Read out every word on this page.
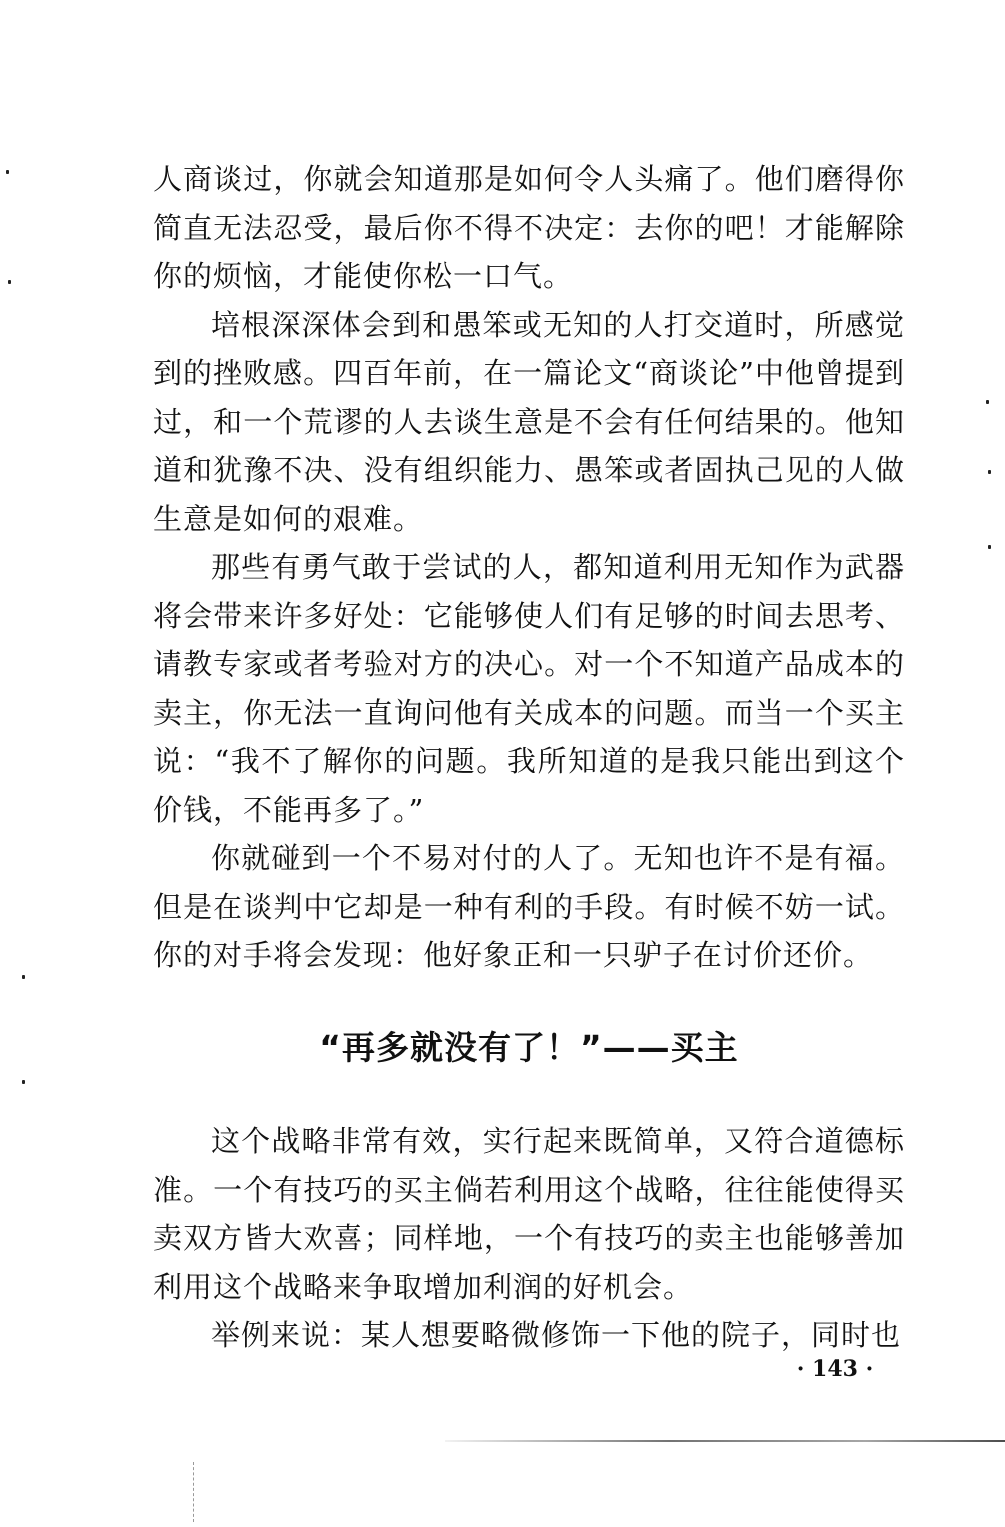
人商谈过，你就会知道那是如何令人头痛了。他们磨得你简直无法忍受，最后你不得不决定：去你的吧！才能解除你的烦恼，才能使你松一口气。

培根深深体会到和愚笨或无知的人打交道时，所感觉到的挫败感。四百年前，在一篇论文“商谈论”中他曾提到过，和一个荒谬的人去谈生意是不会有任何结果的。他知道和犹豫不决、没有组织能力、愚笨或者固执己见的人做生意是如何的艰难。

那些有勇气敢于尝试的人，都知道利用无知作为武器将会带来许多好处：它能够使人们有足够的时间去思考、请教专家或者考验对方的决心。对一个不知道产品成本的卖主，你无法一直询问他有关成本的问题。而当一个买主说：“我不了解你的问题。我所知道的是我只能出到这个价钱，不能再多了。”

你就碰到一个不易对付的人了。无知也许不是有福。但是在谈判中它却是一种有利的手段。有时候不妨一试。你的对手将会发现：他好象正和一只驴子在讨价还价。

“再多就没有了！”——买主

这个战略非常有效，实行起来既简单，又符合道德标准。一个有技巧的买主倘若利用这个战略，往往能使得买卖双方皆大欢喜；同样地，一个有技巧的卖主也能够善加利用这个战略来争取增加利润的好机会。

举例来说：某人想要略微修饰一下他的院子，同时也

· 143 ·
